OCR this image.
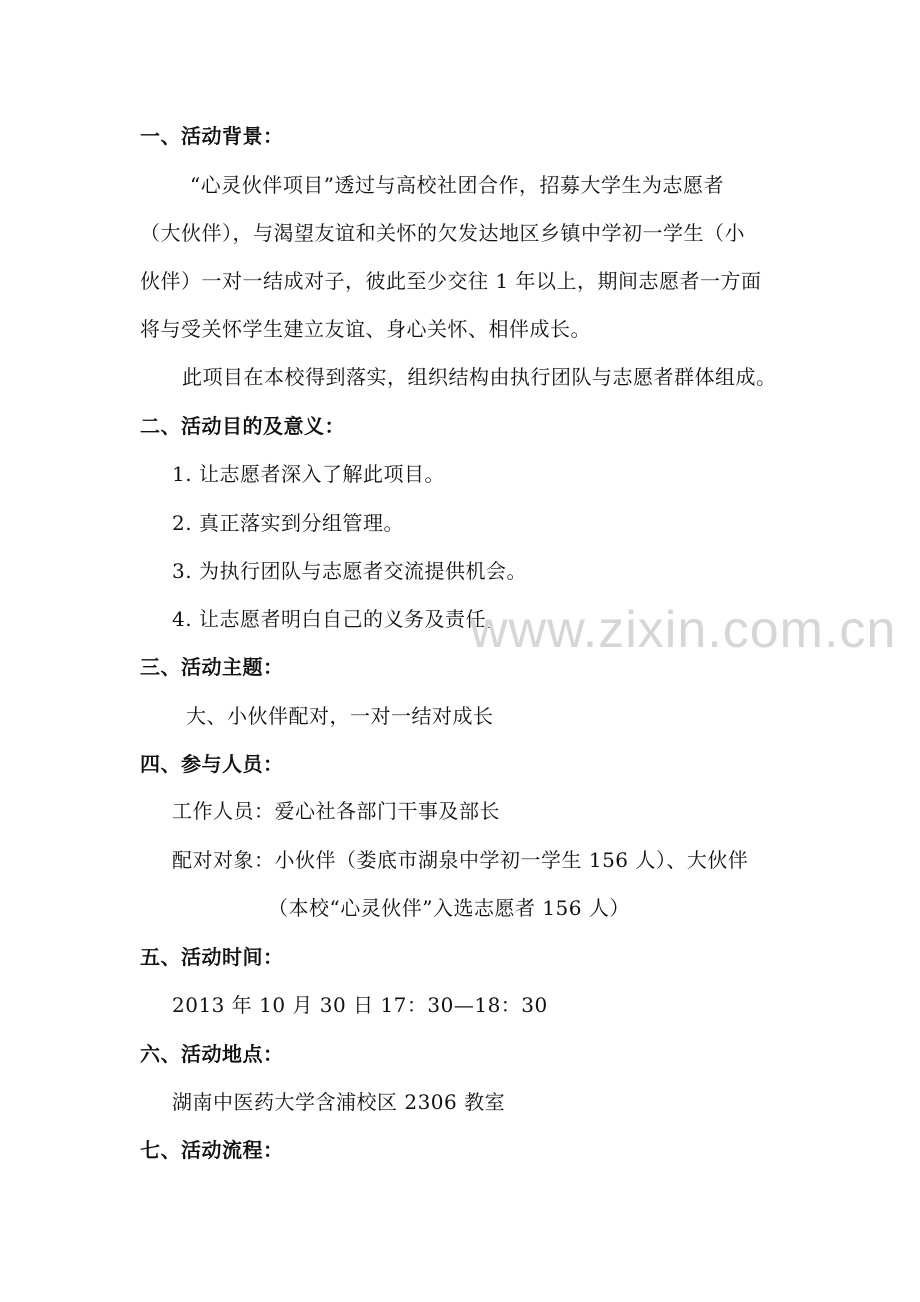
一、活动背景：
“心灵伙伴项目”透过与高校社团合作，招募大学生为志愿者
（大伙伴），与渴望友谊和关怀的欠发达地区乡镇中学初一学生（小
伙伴）一对一结成对子，彼此至少交往 1 年以上，期间志愿者一方面
将与受关怀学生建立友谊、身心关怀、相伴成长。
此项目在本校得到落实，组织结构由执行团队与志愿者群体组成。
二、活动目的及意义：
1. 让志愿者深入了解此项目。
2. 真正落实到分组管理。
3. 为执行团队与志愿者交流提供机会。
4. 让志愿者明白自己的义务及责任。
三、活动主题：
大、小伙伴配对，一对一结对成长
四、参与人员：
工作人员：爱心社各部门干事及部长
配对对象：小伙伴（娄底市湖泉中学初一学生 156 人）、大伙伴
（本校“心灵伙伴”入选志愿者 156 人）
五、活动时间：
2013 年 10 月 30 日 17：30—18：30
六、活动地点：
湖南中医药大学含浦校区 2306 教室
七、活动流程：
www.zixin.com.cn
